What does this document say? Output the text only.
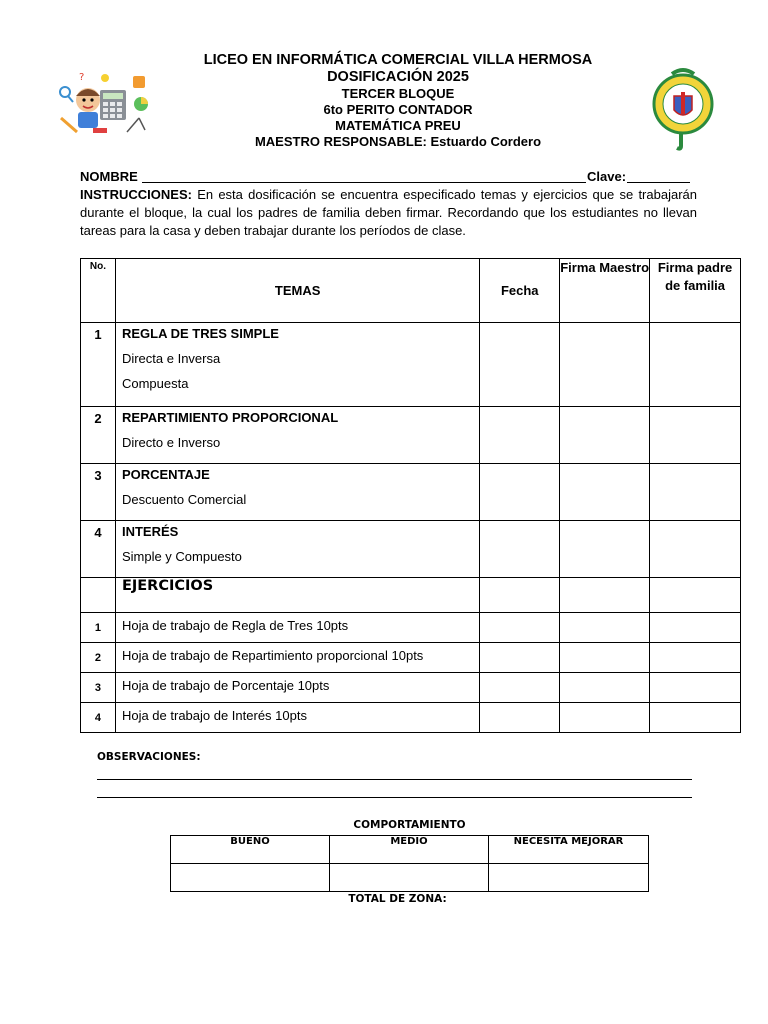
?
LICEO EN INFORMÁTICA COMERCIAL VILLA HERMOSA
DOSIFICACIÓN 2025
TERCER BLOQUE
6to PERITO CONTADOR
MATEMÁTICA PREU
MAESTRO RESPONSABLE: Estuardo Cordero
NOMBRE	Clave:
INSTRUCCIONES: En esta dosificación se encuentra especificado temas y ejercicios que se trabajarán durante el bloque, la cual los padres de familia deben firmar. Recordando que los estudiantes no llevan tareas para la casa y deben trabajar durante los períodos de clase.
No.	TEMAS	Fecha	Firma Maestro	Firma padre de familia
1	REGLA DE TRES SIMPLE
Directa e Inversa
Compuesta			

2	REPARTIMIENTO PROPORCIONAL
Directo e Inverso			

3	PORCENTAJE
Descuento Comercial			

4	INTERÉS
Simple y Compuesto			

	EJERCICIOS			
1	Hoja de trabajo de Regla de Tres 10pts			
2	Hoja de trabajo de Repartimiento proporcional 10pts			
3	Hoja de trabajo de Porcentaje 10pts			
4	Hoja de trabajo de Interés 10pts			
OBSERVACIONES:
COMPORTAMIENTO
BUENO	MEDIO	NECESITA MEJORAR

TOTAL DE ZONA:
